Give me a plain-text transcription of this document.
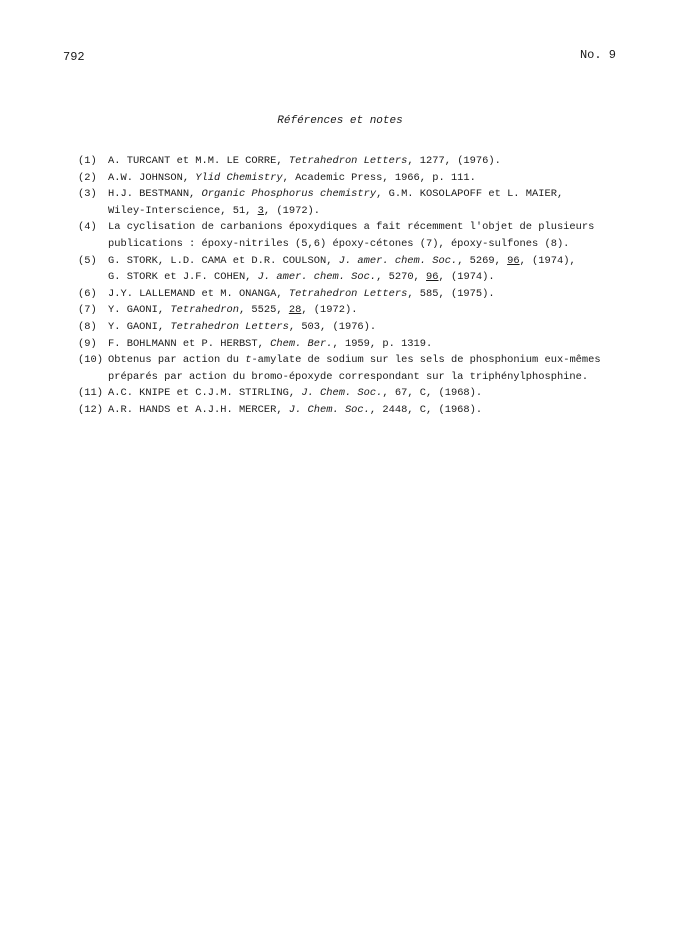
792	No. 9
Références et notes
(1)	A. TURCANT et M.M. LE CORRE, Tetrahedron Letters, 1277, (1976).
(2)	A.W. JOHNSON, Ylid Chemistry, Academic Press, 1966, p. 111.
(3)	H.J. BESTMANN, Organic Phosphorus chemistry, G.M. KOSOLAPOFF et L. MAIER,
Wiley-Interscience, 51, 3, (1972).
(4)	La cyclisation de carbanions époxydiques a fait récemment l'objet de plusieurs
publications : époxy-nitriles (5,6) époxy-cétones (7), époxy-sulfones (8).
(5)	G. STORK, L.D. CAMA et D.R. COULSON, J. amer. chem. Soc., 5269, 96, (1974),
G. STORK et J.F. COHEN, J. amer. chem. Soc., 5270, 96, (1974).
(6)	J.Y. LALLEMAND et M. ONANGA, Tetrahedron Letters, 585, (1975).
(7)	Y. GAONI, Tetrahedron, 5525, 28, (1972).
(8)	Y. GAONI, Tetrahedron Letters, 503, (1976).
(9)	F. BOHLMANN et P. HERBST, Chem. Ber., 1959, p. 1319.
(10) Obtenus par action du t-amylate de sodium sur les sels de phosphonium eux-mêmes
préparés par action du bromo-époxyde correspondant sur la triphénylphosphine.
(11) A.C. KNIPE et C.J.M. STIRLING, J. Chem. Soc., 67, C, (1968).
(12) A.R. HANDS et A.J.H. MERCER, J. Chem. Soc., 2448, C, (1968).
